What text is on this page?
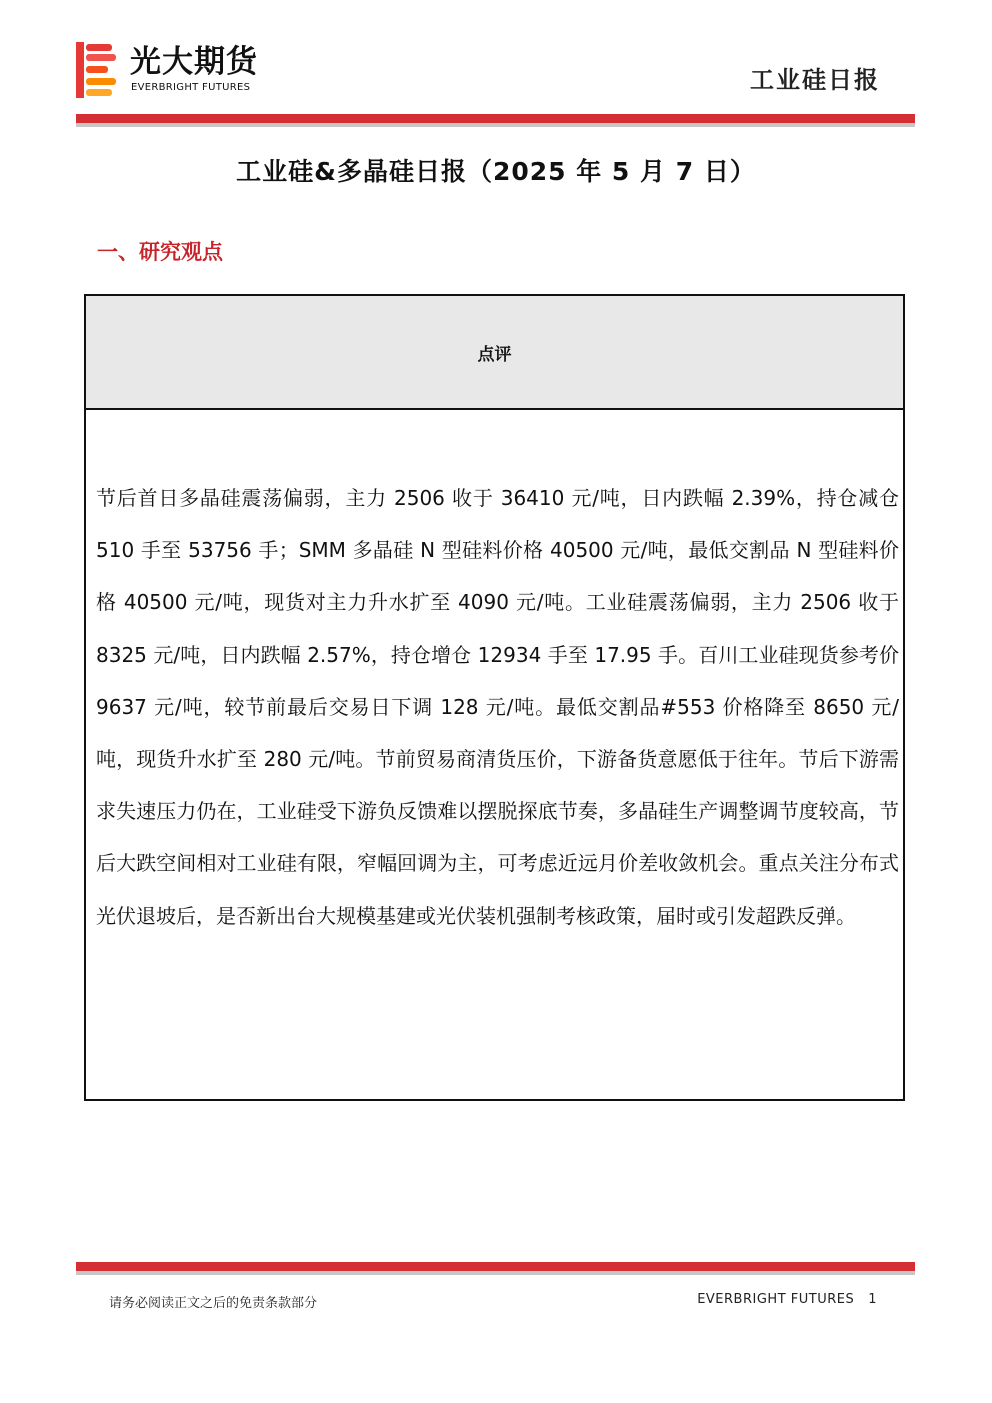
光大期货
EVERBRIGHT FUTURES	工业硅日报
工业硅&多晶硅日报（2025 年 5 月 7 日）
一、研究观点
点评
节后首日多晶硅震荡偏弱，主力 2506 收于 36410 元/吨，日内跌幅 2.39%，持仓减仓 510 手至 53756 手；SMM 多晶硅 N 型硅料价格 40500 元/吨，最低交割品 N 型硅料价格 40500 元/吨，现货对主力升水扩至 4090 元/吨。工业硅震荡偏弱，主力 2506 收于 8325 元/吨，日内跌幅 2.57%，持仓增仓 12934 手至 17.95 手。百川工业硅现货参考价 9637 元/吨，较节前最后交易日下调 128 元/吨。最低交割品#553 价格降至 8650 元/吨，现货升水扩至 280 元/吨。节前贸易商清货压价，下游备货意愿低于往年。节后下游需求失速压力仍在，工业硅受下游负反馈难以摆脱探底节奏，多晶硅生产调整调节度较高，节后大跌空间相对工业硅有限，窄幅回调为主，可考虑近远月价差收敛机会。重点关注分布式光伏退坡后，是否新出台大规模基建或光伏装机强制考核政策，届时或引发超跌反弹。
请务必阅读正文之后的免责条款部分	EVERBRIGHT FUTURES 1
